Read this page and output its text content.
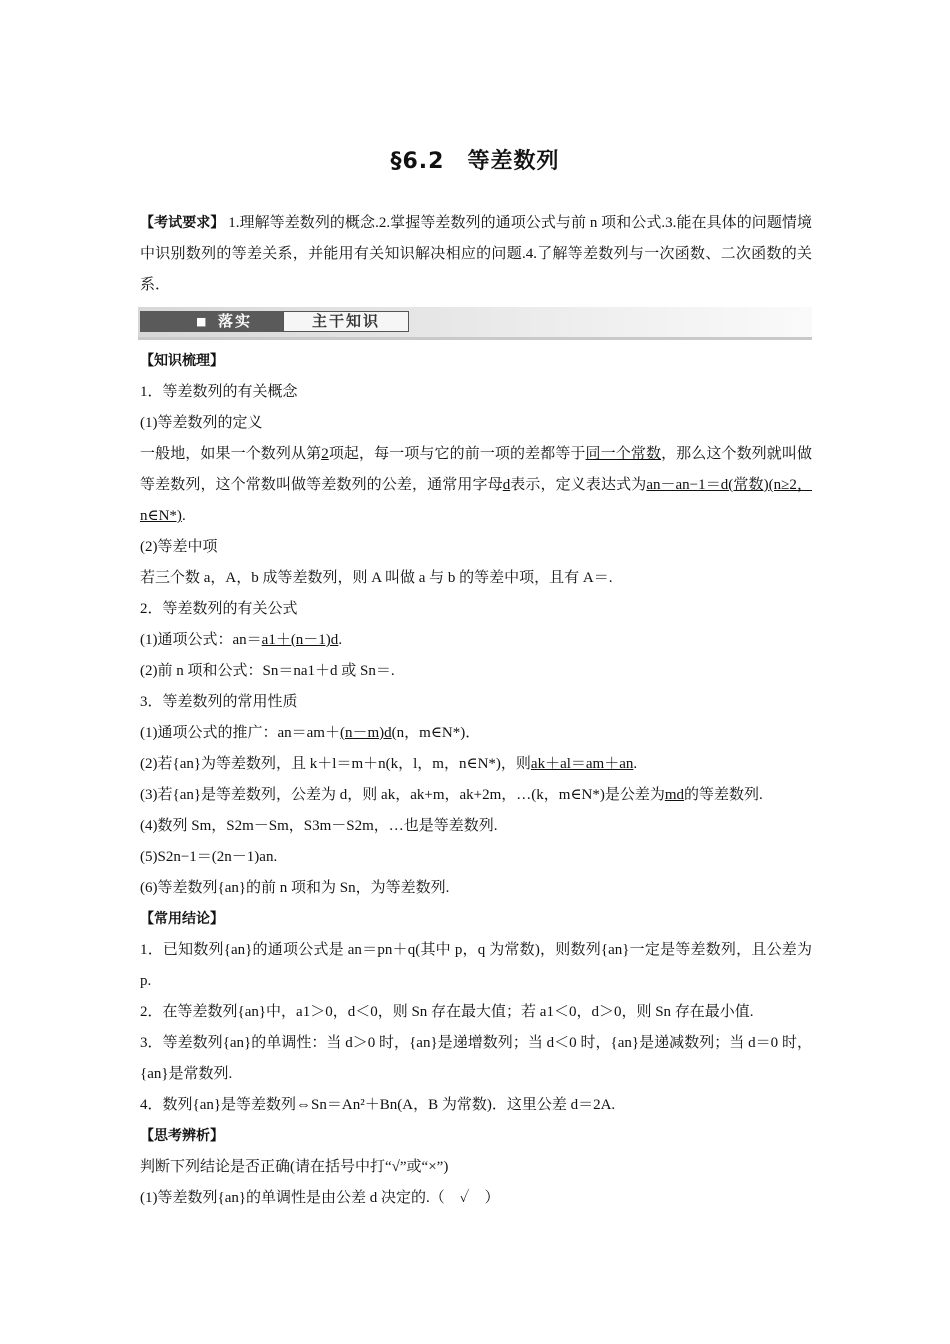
§6.2　等差数列

【考试要求】 1.理解等差数列的概念.2.掌握等差数列的通项公式与前 n 项和公式.3.能在具体的问题情境中识别数列的等差关系，并能用有关知识解决相应的问题.4.了解等差数列与一次函数、二次函数的关系．

■ 落实	主干知识

【知识梳理】

1．等差数列的有关概念

(1)等差数列的定义

一般地，如果一个数列从第2项起，每一项与它的前一项的差都等于同一个常数，那么这个数列就叫做等差数列，这个常数叫做等差数列的公差，通常用字母d表示，定义表达式为an－an−1＝d(常数)(n≥2，n∈N*).

(2)等差中项

若三个数 a，A，b 成等差数列，则 A 叫做 a 与 b 的等差中项，且有 A＝.

2．等差数列的有关公式

(1)通项公式：an＝a1＋(n－1)d.

(2)前 n 项和公式：Sn＝na1＋d 或 Sn＝.

3．等差数列的常用性质

(1)通项公式的推广：an＝am＋(n－m)d(n，m∈N*)．

(2)若{an}为等差数列，且 k＋l＝m＋n(k，l，m，n∈N*)，则ak＋al＝am＋an.

(3)若{an}是等差数列，公差为 d，则 ak，ak+m，ak+2m，…(k，m∈N*)是公差为md的等差数列.

(4)数列 Sm，S2m－Sm，S3m－S2m，…也是等差数列.

(5)S2n−1＝(2n－1)an.

(6)等差数列{an}的前 n 项和为 Sn，为等差数列.

【常用结论】

1．已知数列{an}的通项公式是 an＝pn＋q(其中 p，q 为常数)，则数列{an}一定是等差数列，且公差为 p.

2．在等差数列{an}中，a1＞0，d＜0，则 Sn 存在最大值；若 a1＜0，d＞0，则 Sn 存在最小值.

3．等差数列{an}的单调性：当 d＞0 时，{an}是递增数列；当 d＜0 时，{an}是递减数列；当 d＝0 时，{an}是常数列.

4．数列{an}是等差数列⇔Sn＝An²＋Bn(A，B 为常数)．这里公差 d＝2A.

【思考辨析】

判断下列结论是否正确(请在括号中打“√”或“×”)

(1)等差数列{an}的单调性是由公差 d 决定的.（　✓　）
